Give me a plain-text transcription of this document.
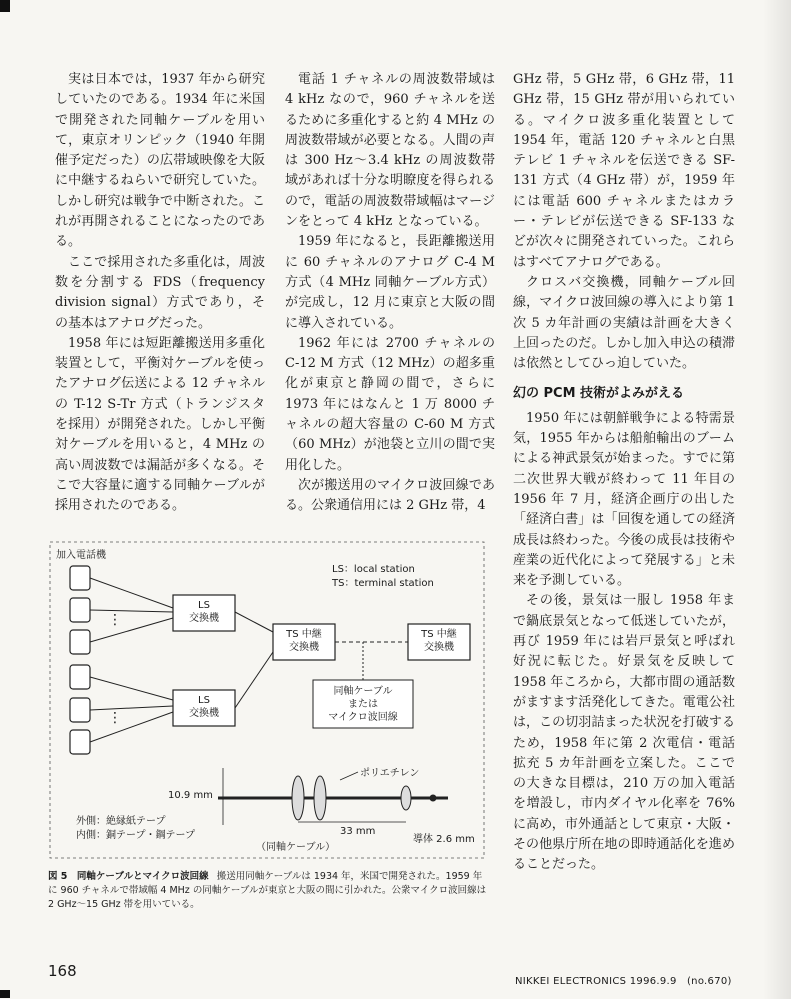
実は日本では，1937 年から研究していたのである。1934 年に米国で開発された同軸ケーブルを用いて，東京オリンピック（1940 年開催予定だった）の広帯域映像を大阪に中継するねらいで研究していた。しかし研究は戦争で中断された。これが再開されることになったのである。

ここで採用された多重化は，周波数を分割する FDS（frequency division signal）方式であり，その基本はアナログだった。

1958 年には短距離搬送用多重化装置として，平衡対ケーブルを使ったアナログ伝送による 12 チャネルの T-12 S-Tr 方式（トランジスタを採用）が開発された。しかし平衡対ケーブルを用いると，4 MHz の高い周波数では漏話が多くなる。そこで大容量に適する同軸ケーブルが採用されたのである。

電話 1 チャネルの周波数帯域は 4 kHz なので，960 チャネルを送るために多重化すると約 4 MHz の周波数帯域が必要となる。人間の声は 300 Hz〜3.4 kHz の周波数帯域があれば十分な明瞭度を得られるので，電話の周波数帯域幅はマージンをとって 4 kHz となっている。

1959 年になると，長距離搬送用に 60 チャネルのアナログ C-4 M 方式（4 MHz 同軸ケーブル方式）が完成し，12 月に東京と大阪の間に導入されている。

1962 年には 2700 チャネルの C-12 M 方式（12 MHz）の超多重化が東京と静岡の間で，さらに 1973 年にはなんと 1 万 8000 チャネルの超大容量の C-60 M 方式（60 MHz）が池袋と立川の間で実用化した。

次が搬送用のマイクロ波回線である。公衆通信用には 2 GHz 帯，4

GHz 帯，5 GHz 帯，6 GHz 帯，11 GHz 帯，15 GHz 帯が用いられている。マイクロ波多重化装置として 1954 年，電話 120 チャネルと白黒テレビ 1 チャネルを伝送できる SF-131 方式（4 GHz 帯）が，1959 年には電話 600 チャネルまたはカラー・テレビが伝送できる SF-133 などが次々に開発されていった。これらはすべてアナログである。

クロスバ交換機，同軸ケーブル回線，マイクロ波回線の導入により第 1 次 5 カ年計画の実績は計画を大きく上回ったのだ。しかし加入申込の積滞は依然としてひっ迫していた。

幻の PCM 技術がよみがえる

1950 年には朝鮮戦争による特需景気，1955 年からは船舶輸出のブームによる神武景気が始まった。すでに第二次世界大戦が終わって 11 年目の 1956 年 7 月，経済企画庁の出した「経済白書」は「回復を通しての経済成長は終わった。今後の成長は技術や産業の近代化によって発展する」と未来を予測している。

その後，景気は一服し 1958 年まで鍋底景気となって低迷していたが，再び 1959 年には岩戸景気と呼ばれ好況に転じた。好景気を反映して 1958 年ころから，大都市間の通話数がますます活発化してきた。電電公社は，この切羽詰まった状況を打破するため，1958 年に第 2 次電信・電話拡充 5 カ年計画を立案した。ここでの大きな目標は，210 万の加入電話を増設し，市内ダイヤル化率を 76%に高め，市外通話として東京・大阪・その他県庁所在地の即時通話化を進めることだった。

加入電話機
LS：local station
TS：terminal station
LS
交換機
LS
交換機
TS 中継
交換機
TS 中継
交換機
同軸ケーブル
または
マイクロ波回線
⋮
⋮
ポリエチレン
10.9 mm
外側：絶縁紙テープ
内側：銅テープ・鋼テープ	33 mm
導体 2.6 mm
（同軸ケーブル）
図 5　同軸ケーブルとマイクロ波回線 搬送用同軸ケーブルは 1934 年，米国で開発された。1959 年に 960 チャネルで帯域幅 4 MHz の同軸ケーブルが東京と大阪の間に引かれた。公衆マイクロ波回線は 2 GHz〜15 GHz 帯を用いている。
168
NIKKEI ELECTRONICS 1996.9.9　(no.670)
